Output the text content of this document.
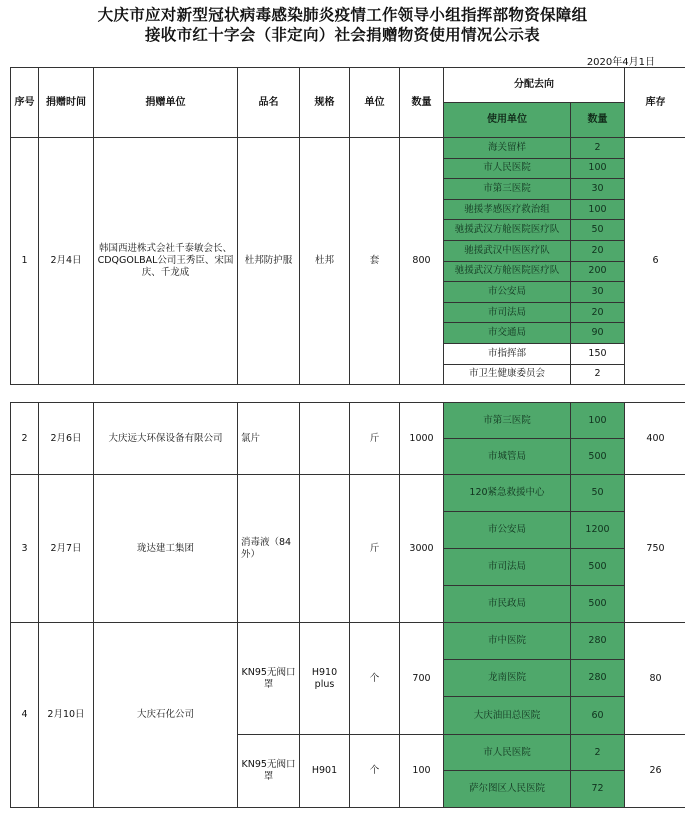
大庆市应对新型冠状病毒感染肺炎疫情工作领导小组指挥部物资保障组
接收市红十字会（非定向）社会捐赠物资使用情况公示表
2020年4月1日
序号	捐赠时间	捐赠单位	品名	规格	单位	数量	分配去向		库存
							使用单位	数量	
1	2月4日	韩国西进株式会社千泰敏会长、CDQGOLBAL公司王秀臣、宋国庆、千龙成	杜邦防护服	杜邦	套	800	海关留样	2	6
							市人民医院	100	
							市第三医院	30	
							驰援孝感医疗救治组	100	
							驰援武汉方舱医院医疗队	50	
							驰援武汉中医医疗队	20	
							驰援武汉方舱医院医疗队	200	
							市公安局	30	
							市司法局	20	
							市交通局	90	
							市指挥部	150	
							市卫生健康委员会	2	
2	2月6日	大庆远大环保设备有限公司	氯片		斤	1000	市第三医院	100	400
							市城管局	500	
3	2月7日	珑达建工集团	消毒液（84外）		斤	3000	120紧急救援中心	50	750
							市公安局	1200	
							市司法局	500	
							市民政局	500	
4	2月10日	大庆石化公司	KN95无阀口罩	H910 plus	个	700	市中医院	280	80
							龙南医院	280	
							大庆油田总医院	60	
			KN95无阀口罩	H901	个	100	市人民医院	2	26
							萨尔图区人民医院	72	
